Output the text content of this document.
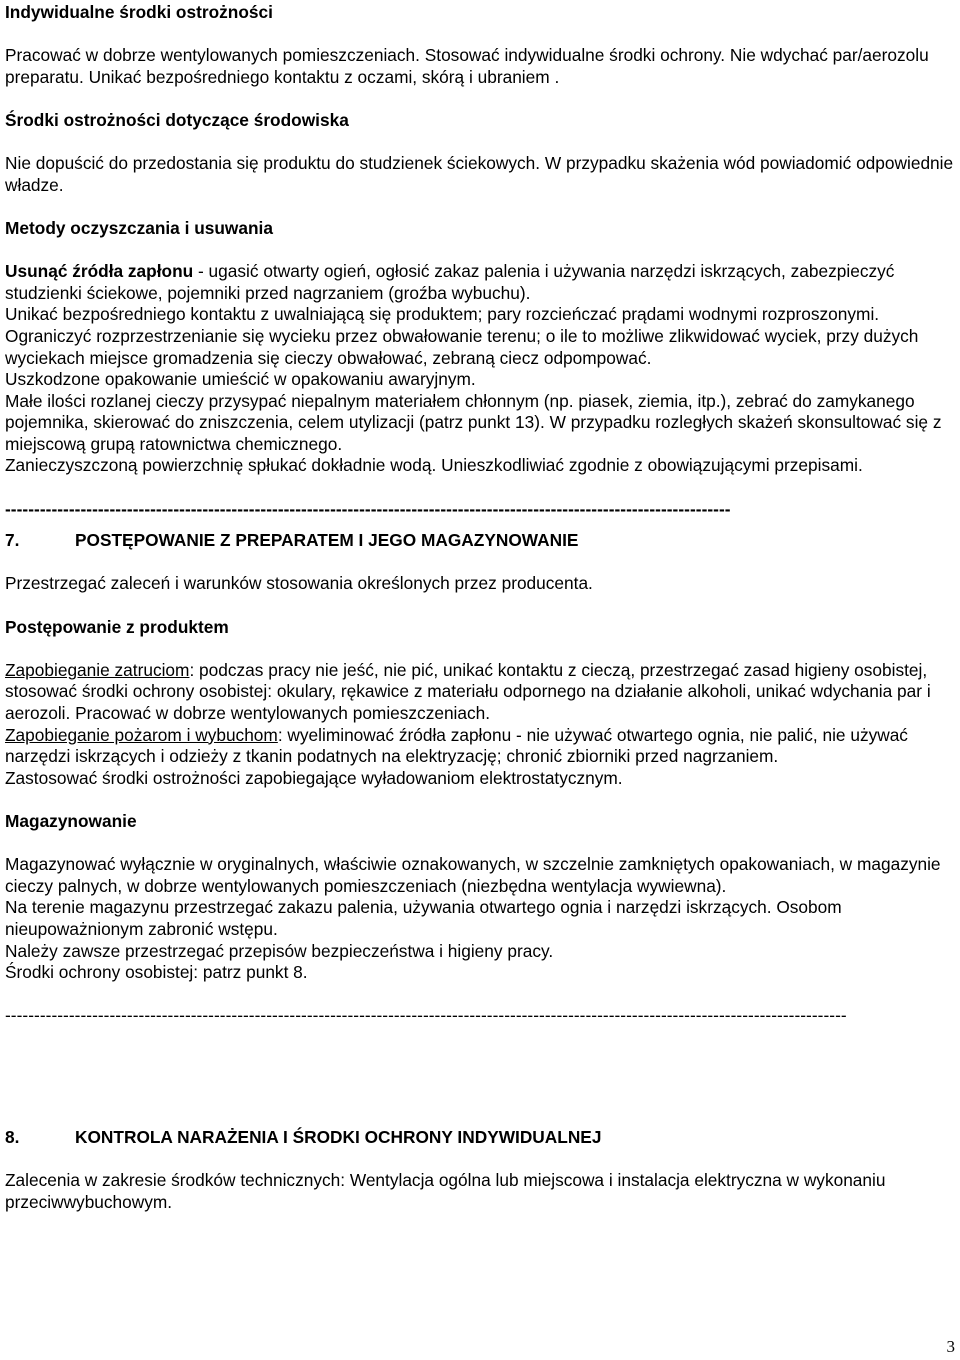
Indywidualne środki ostrożności

Pracować w dobrze wentylowanych pomieszczeniach. Stosować indywidualne środki ochrony. Nie wdychać par/aerozolu preparatu. Unikać bezpośredniego kontaktu z oczami, skórą i ubraniem .

Środki ostrożności dotyczące środowiska

Nie dopuścić do przedostania się produktu do studzienek ściekowych. W przypadku skażenia wód powiadomić odpowiednie władze.

Metody oczyszczania i usuwania

Usunąć źródła zapłonu - ugasić otwarty ogień, ogłosić zakaz palenia i używania narzędzi iskrzących, zabezpieczyć studzienki ściekowe, pojemniki przed nagrzaniem (groźba wybuchu).

Unikać bezpośredniego kontaktu z uwalniającą się produktem; pary rozcieńczać prądami wodnymi rozproszonymi.

Ograniczyć rozprzestrzenianie się wycieku przez obwałowanie terenu; o ile to możliwe zlikwidować wyciek, przy dużych wyciekach miejsce gromadzenia się cieczy obwałować, zebraną ciecz odpompować.

Uszkodzone opakowanie umieścić w opakowaniu awaryjnym.

Małe ilości rozlanej cieczy przysypać niepalnym materiałem chłonnym (np. piasek, ziemia, itp.), zebrać do zamykanego pojemnika, skierować do zniszczenia, celem utylizacji (patrz punkt 13). W przypadku rozległych skażeń skonsultować się z miejscową grupą ratownictwa chemicznego.

Zanieczyszczoną powierzchnię spłukać dokładnie wodą. Unieszkodliwiać zgodnie z obowiązującymi przepisami.

-----------------------------------------------------------------------------------------------------------------------------

7.	POSTĘPOWANIE Z PREPARATEM I JEGO MAGAZYNOWANIE

Przestrzegać zaleceń i warunków stosowania określonych przez producenta.

Postępowanie z produktem

Zapobieganie zatruciom: podczas pracy nie jeść, nie pić, unikać kontaktu z cieczą, przestrzegać zasad higieny osobistej, stosować środki ochrony osobistej: okulary, rękawice z materiału odpornego na działanie alkoholi, unikać wdychania par i aerozoli. Pracować w dobrze wentylowanych pomieszczeniach.

Zapobieganie pożarom i wybuchom: wyeliminować źródła zapłonu - nie używać otwartego ognia, nie palić, nie używać narzędzi iskrzących i odzieży z tkanin podatnych na elektryzację; chronić zbiorniki przed nagrzaniem.

Zastosować środki ostrożności zapobiegające wyładowaniom elektrostatycznym.

Magazynowanie

Magazynować wyłącznie w oryginalnych, właściwie oznakowanych, w szczelnie zamkniętych opakowaniach, w magazynie cieczy palnych, w dobrze wentylowanych pomieszczeniach (niezbędna wentylacja wywiewna).

Na terenie magazynu przestrzegać zakazu palenia, używania otwartego ognia i narzędzi iskrzących. Osobom nieupoważnionym zabronić wstępu.

Należy zawsze przestrzegać przepisów bezpieczeństwa i higieny pracy.

Środki ochrony osobistej: patrz punkt 8.

-------------------------------------------------------------------------------------------------------------------------------------------------

8.	KONTROLA NARAŻENIA I ŚRODKI OCHRONY INDYWIDUALNEJ

Zalecenia w zakresie środków technicznych: Wentylacja ogólna lub miejscowa i instalacja elektryczna w wykonaniu przeciwwybuchowym.

3
